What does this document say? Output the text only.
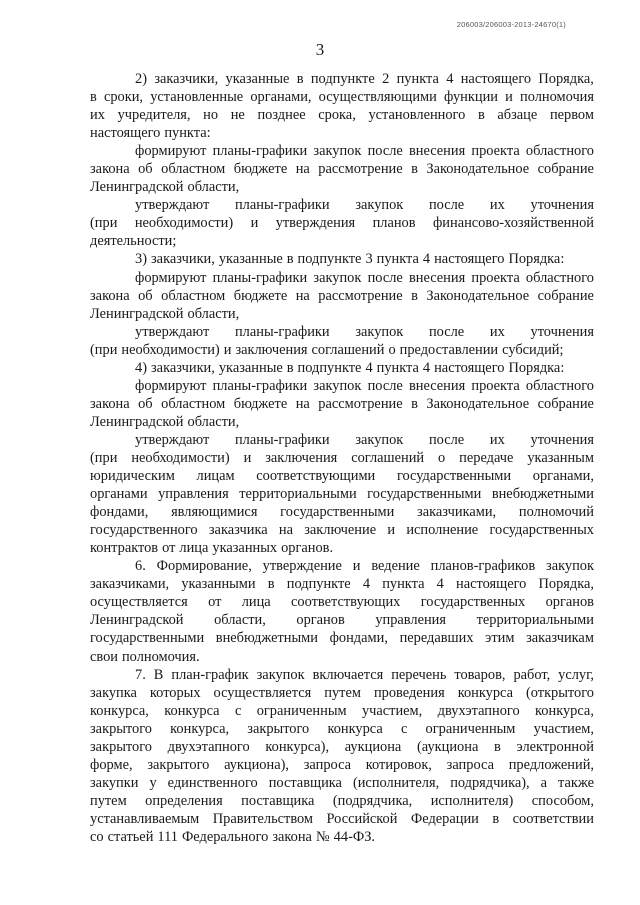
206003/206003-2013-24670(1)
3
2) заказчики, указанные в подпункте 2 пункта 4 настоящего Порядка,
в сроки, установленные органами, осуществляющими функции и полномочия
их учредителя, но не позднее срока, установленного в абзаце первом
настоящего пункта:
формируют планы-графики закупок после внесения проекта областного
закона об областном бюджете на рассмотрение в Законодательное собрание
Ленинградской области,
утверждают планы-графики закупок после их уточнения
(при необходимости) и утверждения планов финансово-хозяйственной
деятельности;
3) заказчики, указанные в подпункте 3 пункта 4 настоящего Порядка:
формируют планы-графики закупок после внесения проекта областного
закона об областном бюджете на рассмотрение в Законодательное собрание
Ленинградской области,
утверждают планы-графики закупок после их уточнения
(при необходимости) и заключения соглашений о предоставлении субсидий;
4) заказчики, указанные в подпункте 4 пункта 4 настоящего Порядка:
формируют планы-графики закупок после внесения проекта областного
закона об областном бюджете на рассмотрение в Законодательное собрание
Ленинградской области,
утверждают планы-графики закупок после их уточнения
(при необходимости) и заключения соглашений о передаче указанным
юридическим лицам соответствующими государственными органами,
органами управления территориальными государственными внебюджетными
фондами, являющимися государственными заказчиками, полномочий
государственного заказчика на заключение и исполнение государственных
контрактов от лица указанных органов.
6. Формирование, утверждение и ведение планов-графиков закупок
заказчиками, указанными в подпункте 4 пункта 4 настоящего Порядка,
осуществляется от лица соответствующих государственных органов
Ленинградской области, органов управления территориальными
государственными внебюджетными фондами, передавших этим заказчикам
свои полномочия.
7. В план-график закупок включается перечень товаров, работ, услуг,
закупка которых осуществляется путем проведения конкурса (открытого
конкурса, конкурса с ограниченным участием, двухэтапного конкурса,
закрытого конкурса, закрытого конкурса с ограниченным участием,
закрытого двухэтапного конкурса), аукциона (аукциона в электронной
форме, закрытого аукциона), запроса котировок, запроса предложений,
закупки у единственного поставщика (исполнителя, подрядчика), а также
путем определения поставщика (подрядчика, исполнителя) способом,
устанавливаемым Правительством Российской Федерации в соответствии
со статьей 111 Федерального закона № 44-ФЗ.
